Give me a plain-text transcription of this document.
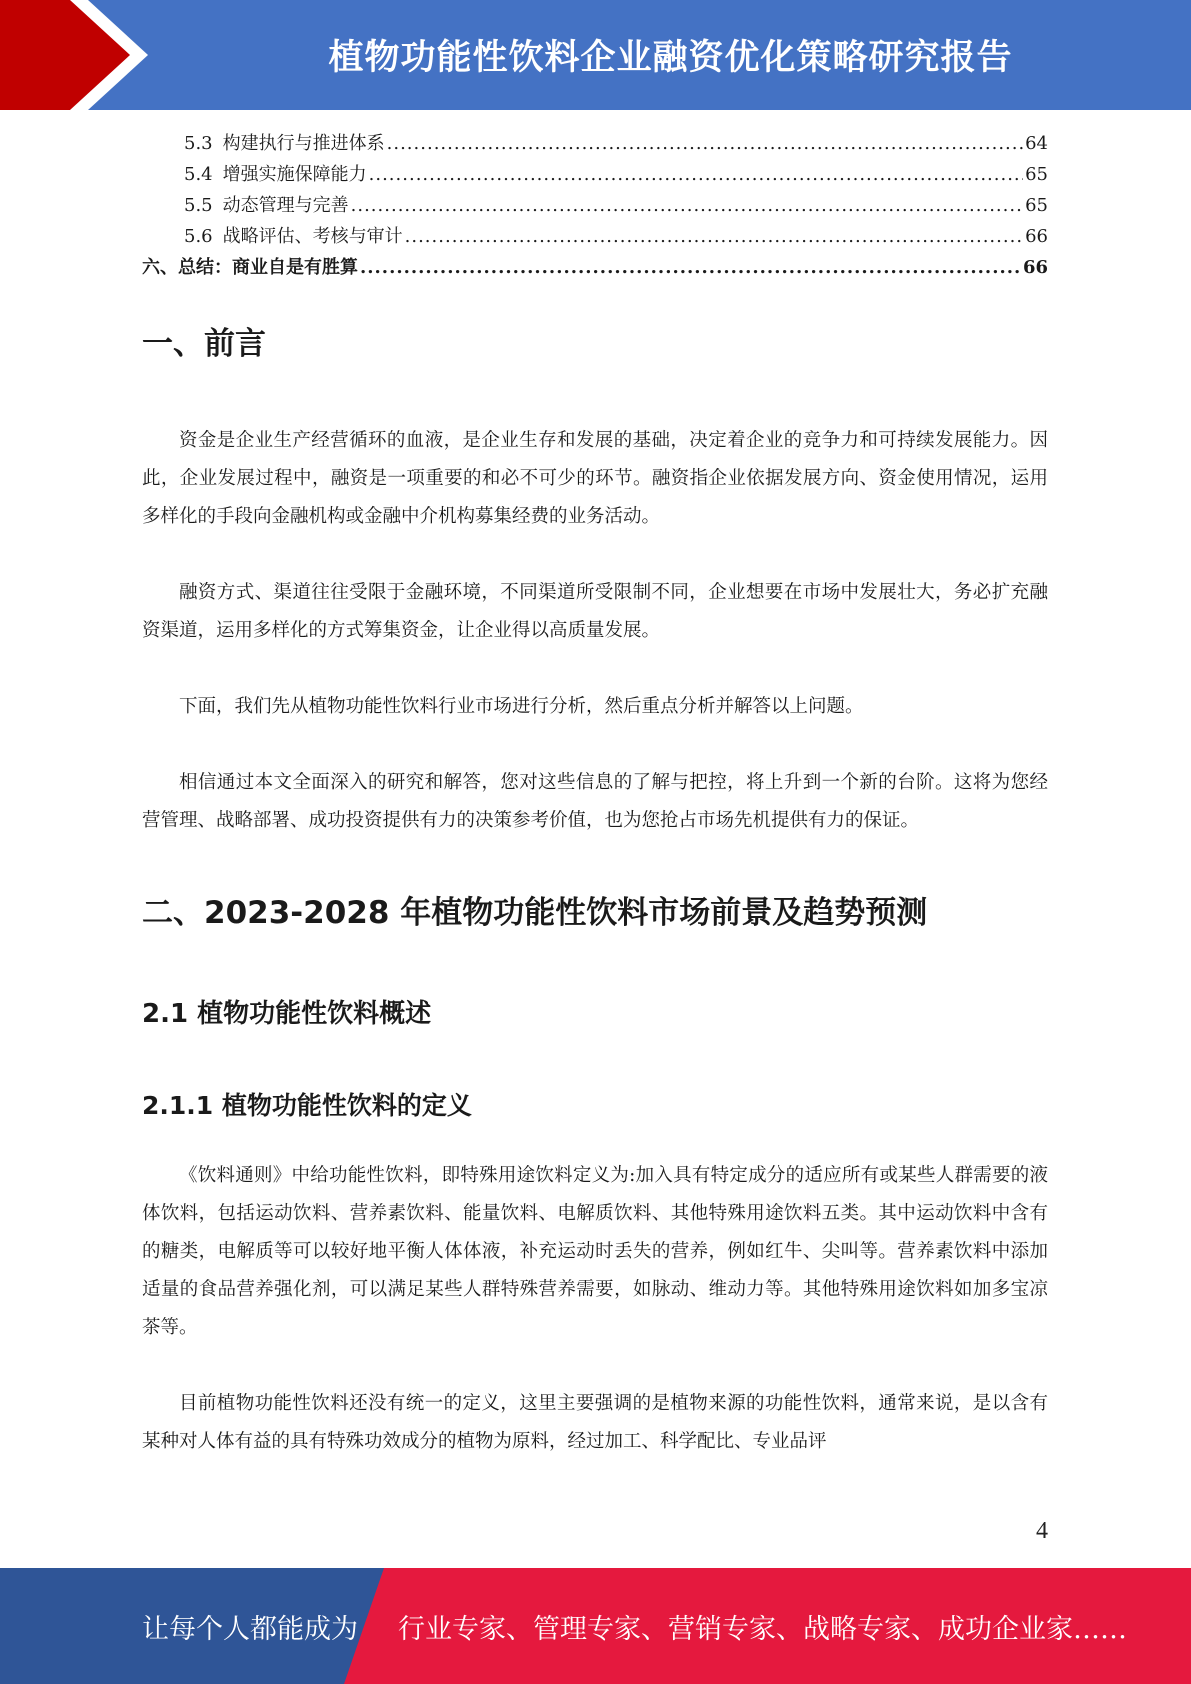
植物功能性饮料企业融资优化策略研究报告
5.3 构建执行与推进体系 .....	64
5.4 增强实施保障能力 .....	65
5.5 动态管理与完善 .....	65
5.6 战略评估、考核与审计 .....	66
六、总结：商业自是有胜算 .....	66
一、前言

资金是企业生产经营循环的血液，是企业生存和发展的基础，决定着企业的竞争力和可持续发展能力。因此，企业发展过程中，融资是一项重要的和必不可少的环节。融资指企业依据发展方向、资金使用情况，运用多样化的手段向金融机构或金融中介机构募集经费的业务活动。

融资方式、渠道往往受限于金融环境，不同渠道所受限制不同，企业想要在市场中发展壮大，务必扩充融资渠道，运用多样化的方式筹集资金，让企业得以高质量发展。

下面，我们先从植物功能性饮料行业市场进行分析，然后重点分析并解答以上问题。

相信通过本文全面深入的研究和解答，您对这些信息的了解与把控，将上升到一个新的台阶。这将为您经营管理、战略部署、成功投资提供有力的决策参考价值，也为您抢占市场先机提供有力的保证。

二、2023-2028 年植物功能性饮料市场前景及趋势预测
2.1 植物功能性饮料概述
2.1.1 植物功能性饮料的定义

《饮料通则》中给功能性饮料，即特殊用途饮料定义为:加入具有特定成分的适应所有或某些人群需要的液体饮料，包括运动饮料、营养素饮料、能量饮料、电解质饮料、其他特殊用途饮料五类。其中运动饮料中含有的糖类，电解质等可以较好地平衡人体体液，补充运动时丢失的营养，例如红牛、尖叫等。营养素饮料中添加适量的食品营养强化剂，可以满足某些人群特殊营养需要，如脉动、维动力等。其他特殊用途饮料如加多宝凉茶等。

目前植物功能性饮料还没有统一的定义，这里主要强调的是植物来源的功能性饮料，通常来说，是以含有某种对人体有益的具有特殊功效成分的植物为原料，经过加工、科学配比、专业品评

4
让每个人都能成为 行业专家、管理专家、营销专家、战略专家、成功企业家……
